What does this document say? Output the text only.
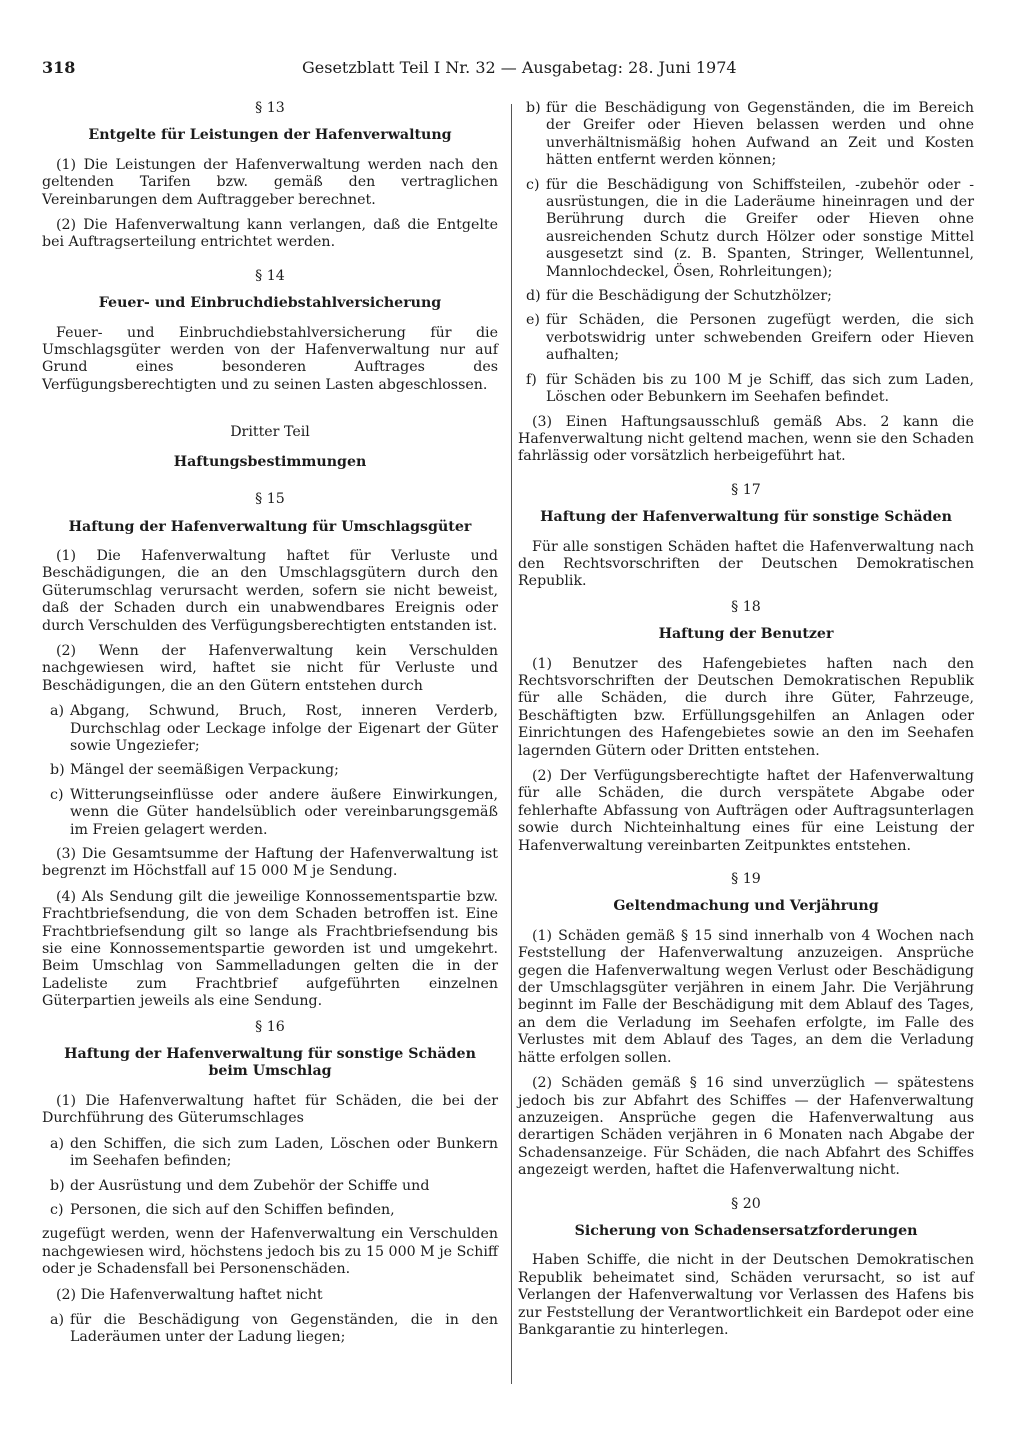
318	Gesetzblatt Teil I Nr. 32 — Ausgabetag: 28. Juni 1974
§ 13
Entgelte für Leistungen der Hafenverwaltung

(1) Die Leistungen der Hafenverwaltung werden nach den geltenden Tarifen bzw. gemäß den vertraglichen Vereinbarungen dem Auftraggeber berechnet.

(2) Die Hafenverwaltung kann verlangen, daß die Entgelte bei Auftragserteilung entrichtet werden.

§ 14
Feuer- und Einbruchdiebstahlversicherung

Feuer- und Einbruchdiebstahlversicherung für die Umschlagsgüter werden von der Hafenverwaltung nur auf Grund eines besonderen Auftrages des Verfügungsberechtigten und zu seinen Lasten abgeschlossen.

Dritter Teil
Haftungsbestimmungen
§ 15
Haftung der Hafenverwaltung für Umschlagsgüter

(1) Die Hafenverwaltung haftet für Verluste und Beschädigungen, die an den Umschlagsgütern durch den Güterumschlag verursacht werden, sofern sie nicht beweist, daß der Schaden durch ein unabwendbares Ereignis oder durch Verschulden des Verfügungsberechtigten entstanden ist.

(2) Wenn der Hafenverwaltung kein Verschulden nachgewiesen wird, haftet sie nicht für Verluste und Beschädigungen, die an den Gütern entstehen durch

a) Abgang, Schwund, Bruch, Rost, inneren Verderb, Durchschlag oder Leckage infolge der Eigenart der Güter sowie Ungeziefer;
b) Mängel der seemäßigen Verpackung;
c) Witterungseinflüsse oder andere äußere Einwirkungen, wenn die Güter handelsüblich oder vereinbarungsgemäß im Freien gelagert werden.

(3) Die Gesamtsumme der Haftung der Hafenverwaltung ist begrenzt im Höchstfall auf 15 000 M je Sendung.

(4) Als Sendung gilt die jeweilige Konnossementspartie bzw. Frachtbriefsendung, die von dem Schaden betroffen ist. Eine Frachtbriefsendung gilt so lange als Frachtbriefsendung bis sie eine Konnossementspartie geworden ist und umgekehrt. Beim Umschlag von Sammelladungen gelten die in der Ladeliste zum Frachtbrief aufgeführten einzelnen Güterpartien jeweils als eine Sendung.

§ 16
Haftung der Hafenverwaltung für sonstige Schäden beim Umschlag

(1) Die Hafenverwaltung haftet für Schäden, die bei der Durchführung des Güterumschlages

a) den Schiffen, die sich zum Laden, Löschen oder Bunkern im Seehafen befinden;
b) der Ausrüstung und dem Zubehör der Schiffe und
c) Personen, die sich auf den Schiffen befinden,

zugefügt werden, wenn der Hafenverwaltung ein Verschulden nachgewiesen wird, höchstens jedoch bis zu 15 000 M je Schiff oder je Schadensfall bei Personenschäden.

(2) Die Hafenverwaltung haftet nicht

a) für die Beschädigung von Gegenständen, die in den Laderäumen unter der Ladung liegen;
b) für die Beschädigung von Gegenständen, die im Bereich der Greifer oder Hieven belassen werden und ohne unverhältnismäßig hohen Aufwand an Zeit und Kosten hätten entfernt werden können;
c) für die Beschädigung von Schiffsteilen, -zubehör oder -ausrüstungen, die in die Laderäume hineinragen und der Berührung durch die Greifer oder Hieven ohne ausreichenden Schutz durch Hölzer oder sonstige Mittel ausgesetzt sind (z. B. Spanten, Stringer, Wellentunnel, Mannlochdeckel, Ösen, Rohrleitungen);
d) für die Beschädigung der Schutzhölzer;
e) für Schäden, die Personen zugefügt werden, die sich verbotswidrig unter schwebenden Greifern oder Hieven aufhalten;
f) für Schäden bis zu 100 M je Schiff, das sich zum Laden, Löschen oder Bebunkern im Seehafen befindet.

(3) Einen Haftungsausschluß gemäß Abs. 2 kann die Hafenverwaltung nicht geltend machen, wenn sie den Schaden fahrlässig oder vorsätzlich herbeigeführt hat.

§ 17
Haftung der Hafenverwaltung für sonstige Schäden

Für alle sonstigen Schäden haftet die Hafenverwaltung nach den Rechtsvorschriften der Deutschen Demokratischen Republik.

§ 18
Haftung der Benutzer

(1) Benutzer des Hafengebietes haften nach den Rechtsvorschriften der Deutschen Demokratischen Republik für alle Schäden, die durch ihre Güter, Fahrzeuge, Beschäftigten bzw. Erfüllungsgehilfen an Anlagen oder Einrichtungen des Hafengebietes sowie an den im Seehafen lagernden Gütern oder Dritten entstehen.

(2) Der Verfügungsberechtigte haftet der Hafenverwaltung für alle Schäden, die durch verspätete Abgabe oder fehlerhafte Abfassung von Aufträgen oder Auftragsunterlagen sowie durch Nichteinhaltung eines für eine Leistung der Hafenverwaltung vereinbarten Zeitpunktes entstehen.

§ 19
Geltendmachung und Verjährung

(1) Schäden gemäß § 15 sind innerhalb von 4 Wochen nach Feststellung der Hafenverwaltung anzuzeigen. Ansprüche gegen die Hafenverwaltung wegen Verlust oder Beschädigung der Umschlagsgüter verjähren in einem Jahr. Die Verjährung beginnt im Falle der Beschädigung mit dem Ablauf des Tages, an dem die Verladung im Seehafen erfolgte, im Falle des Verlustes mit dem Ablauf des Tages, an dem die Verladung hätte erfolgen sollen.

(2) Schäden gemäß § 16 sind unverzüglich — spätestens jedoch bis zur Abfahrt des Schiffes — der Hafenverwaltung anzuzeigen. Ansprüche gegen die Hafenverwaltung aus derartigen Schäden verjähren in 6 Monaten nach Abgabe der Schadensanzeige. Für Schäden, die nach Abfahrt des Schiffes angezeigt werden, haftet die Hafenverwaltung nicht.

§ 20
Sicherung von Schadensersatzforderungen

Haben Schiffe, die nicht in der Deutschen Demokratischen Republik beheimatet sind, Schäden verursacht, so ist auf Verlangen der Hafenverwaltung vor Verlassen des Hafens bis zur Feststellung der Verantwortlichkeit ein Bardepot oder eine Bankgarantie zu hinterlegen.
